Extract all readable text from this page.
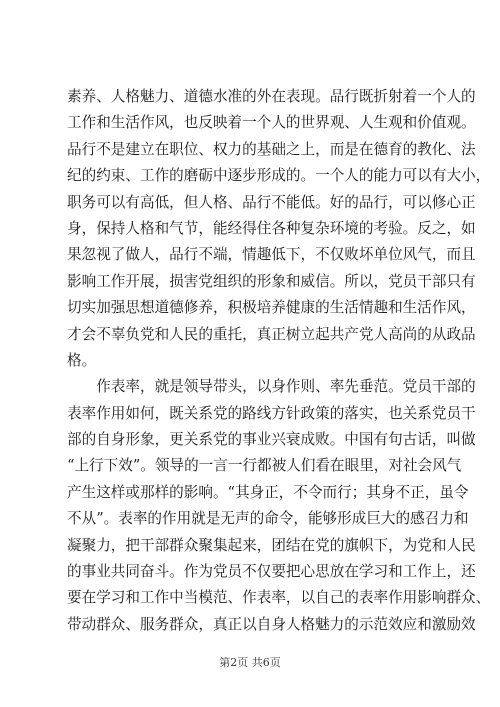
素养、人格魅力、道德水准的外在表现。品行既折射着一个人的
工作和生活作风，也反映着一个人的世界观、人生观和价值观。
品行不是建立在职位、权力的基础之上，而是在德育的教化、法
纪的约束、工作的磨砺中逐步形成的。一个人的能力可以有大小，
职务可以有高低，但人格、品行不能低。好的品行，可以修心正
身，保持人格和气节，能经得住各种复杂环境的考验。反之，如
果忽视了做人，品行不端，情趣低下，不仅败坏单位风气，而且
影响工作开展，损害党组织的形象和威信。所以，党员干部只有
切实加强思想道德修养，积极培养健康的生活情趣和生活作风，
才会不辜负党和人民的重托，真正树立起共产党人高尚的从政品
格。
　　作表率，就是领导带头，以身作则、率先垂范。党员干部的
表率作用如何，既关系党的路线方针政策的落实，也关系党员干
部的自身形象，更关系党的事业兴衰成败。中国有句古话，叫做
“上行下效”。领导的一言一行都被人们看在眼里，对社会风气
产生这样或那样的影响。“其身正，不令而行；其身不正，虽令
不从”。表率的作用就是无声的命令，能够形成巨大的感召力和
凝聚力，把干部群众聚集起来，团结在党的旗帜下，为党和人民
的事业共同奋斗。作为党员不仅要把心思放在学习和工作上，还
要在学习和工作中当模范、作表率，以自己的表率作用影响群众、
带动群众、服务群众，真正以自身人格魅力的示范效应和激励效
第2页 共6页
